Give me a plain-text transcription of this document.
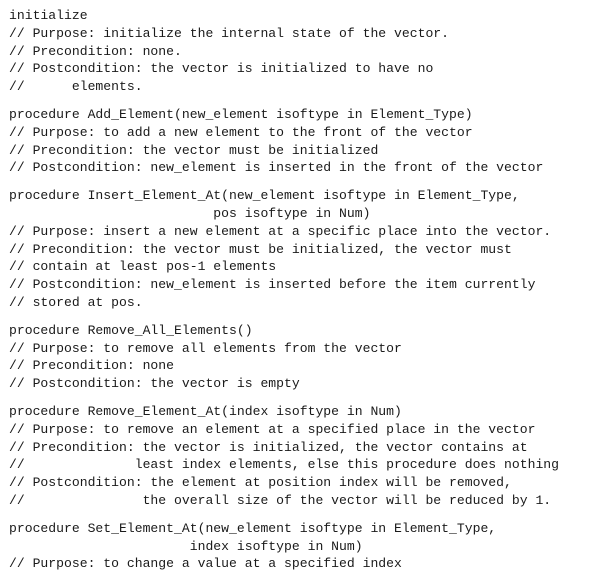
initialize
// Purpose: initialize the internal state of the vector.
// Precondition: none.
// Postcondition: the vector is initialized to have no
//      elements.
procedure Add_Element(new_element isoftype in Element_Type)
// Purpose: to add a new element to the front of the vector
// Precondition: the vector must be initialized
// Postcondition: new_element is inserted in the front of the vector
procedure Insert_Element_At(new_element isoftype in Element_Type,
pos isoftype in Num)
// Purpose: insert a new element at a specific place into the vector.
// Precondition: the vector must be initialized, the vector must
// contain at least pos-1 elements
// Postcondition: new_element is inserted before the item currently
// stored at pos.
procedure Remove_All_Elements()
// Purpose: to remove all elements from the vector
// Precondition: none
// Postcondition: the vector is empty
procedure Remove_Element_At(index isoftype in Num)
// Purpose: to remove an element at a specified place in the vector
// Precondition: the vector is initialized, the vector contains at
//              least index elements, else this procedure does nothing
// Postcondition: the element at position index will be removed,
//               the overall size of the vector will be reduced by 1.
procedure Set_Element_At(new_element isoftype in Element_Type,
index isoftype in Num)
// Purpose: to change a value at a specified index
